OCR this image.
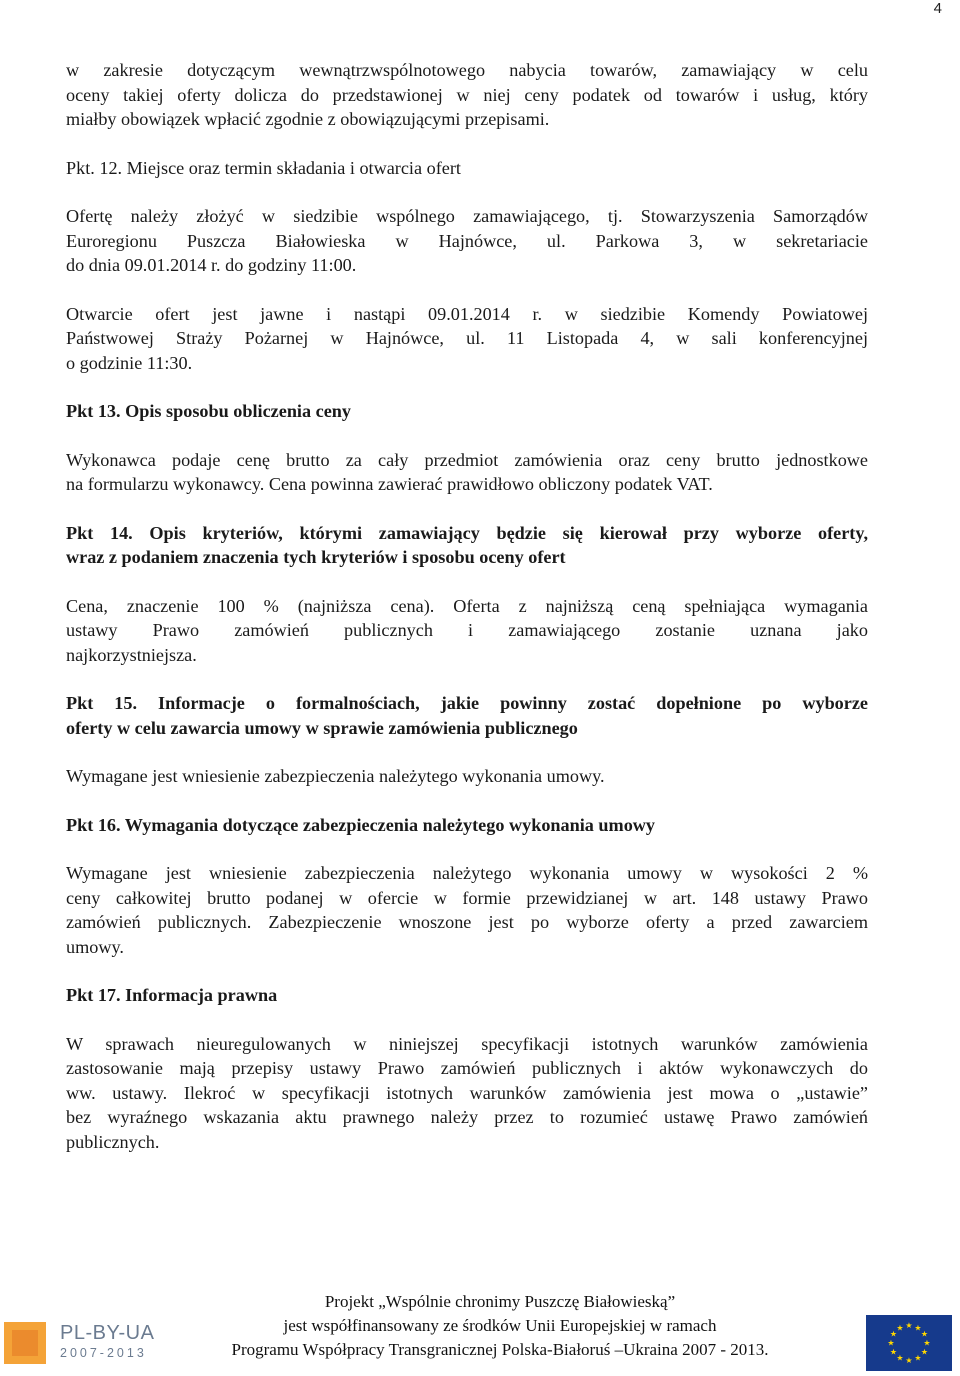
4
w zakresie dotyczącym wewnątrzwspólnotowego nabycia towarów, zamawiający w celu
oceny takiej oferty dolicza do przedstawionej w niej ceny podatek od towarów i usług, który
miałby obowiązek wpłacić zgodnie z obowiązującymi przepisami.
Pkt. 12. Miejsce oraz termin składania i otwarcia ofert
Ofertę należy złożyć w siedzibie wspólnego zamawiającego, tj. Stowarzyszenia Samorządów
Euroregionu Puszcza Białowieska w Hajnówce, ul. Parkowa 3, w sekretariacie
do dnia 09.01.2014 r. do godziny 11:00.
Otwarcie ofert jest jawne i nastąpi 09.01.2014 r. w siedzibie Komendy Powiatowej
Państwowej Straży Pożarnej w Hajnówce, ul. 11 Listopada 4, w sali konferencyjnej
o godzinie 11:30.
Pkt 13. Opis sposobu obliczenia ceny
Wykonawca podaje cenę brutto za cały przedmiot zamówienia oraz ceny brutto jednostkowe
na formularzu wykonawcy. Cena powinna zawierać prawidłowo obliczony podatek VAT.
Pkt 14. Opis kryteriów, którymi zamawiający będzie się kierował przy wyborze oferty,
wraz z podaniem znaczenia tych kryteriów i sposobu oceny ofert
Cena, znaczenie 100 % (najniższa cena). Oferta z najniższą ceną spełniająca wymagania
ustawy Prawo zamówień publicznych i zamawiającego zostanie uznana jako
najkorzystniejsza.
Pkt 15. Informacje o formalnościach, jakie powinny zostać dopełnione po wyborze
oferty w celu zawarcia umowy w sprawie zamówienia publicznego
Wymagane jest wniesienie zabezpieczenia należytego wykonania umowy.
Pkt 16. Wymagania dotyczące zabezpieczenia należytego wykonania umowy
Wymagane jest wniesienie zabezpieczenia należytego wykonania umowy w wysokości 2 %
ceny całkowitej brutto podanej w ofercie w formie przewidzianej w art. 148 ustawy Prawo
zamówień publicznych. Zabezpieczenie wnoszone jest po wyborze oferty a przed zawarciem
umowy.
Pkt 17. Informacja prawna
W sprawach nieuregulowanych w niniejszej specyfikacji istotnych warunków zamówienia
zastosowanie mają przepisy ustawy Prawo zamówień publicznych i aktów wykonawczych do
ww. ustawy. Ilekroć w specyfikacji istotnych warunków zamówienia jest mowa o „ustawie”
bez wyraźnego wskazania aktu prawnego należy przez to rozumieć ustawę Prawo zamówień
publicznych.
PL-BY-UA
2007-2013
Projekt „Wspólnie chronimy Puszczę Białowieską”
jest współfinansowany ze środków Unii Europejskiej w ramach
Programu Współpracy Transgranicznej Polska-Białoruś –Ukraina 2007 - 2013.
★ ★
★
★
★
★
★
★
★
★
★
★
